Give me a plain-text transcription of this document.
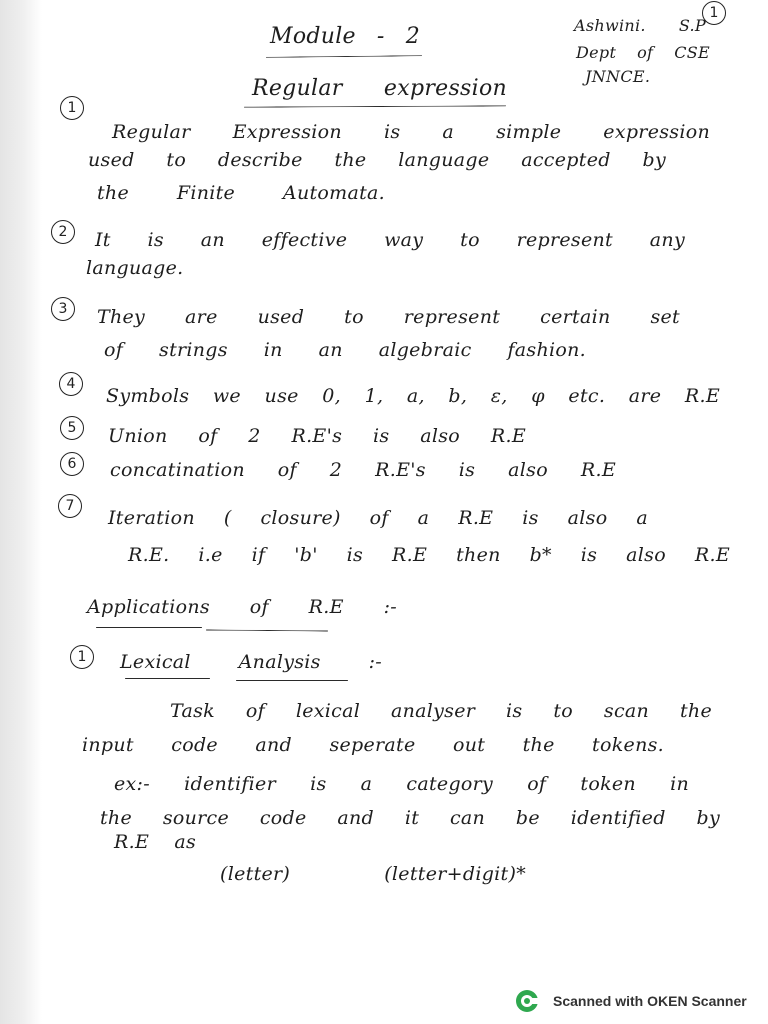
1
Ashwini. S.P
Dept of CSE
JNNCE.
Module - 2
Regular expression
1
Regular Expression is a simple expression
used to describe the language accepted by
the Finite Automata.
2	It is an effective way to represent any
language.
3	They are used to represent certain set
of strings in an algebraic fashion.
4
Symbols we use 0, 1, a, b, ε, φ etc. are R.E
5	Union of 2 R.E's is also R.E
6	concatination of 2 R.E's is also R.E
7
Iteration ( closure) of a R.E is also a
R.E. i.e if 'b' is R.E then b* is also R.E
Applications of R.E :-
1	Lexical Analysis :-
Task of lexical analyser is to scan the
input code and seperate out the tokens.
ex:- identifier is a category of token in
the source code and it can be identified by
R.E as
(letter) (letter+digit)*
Scanned with OKEN Scanner
